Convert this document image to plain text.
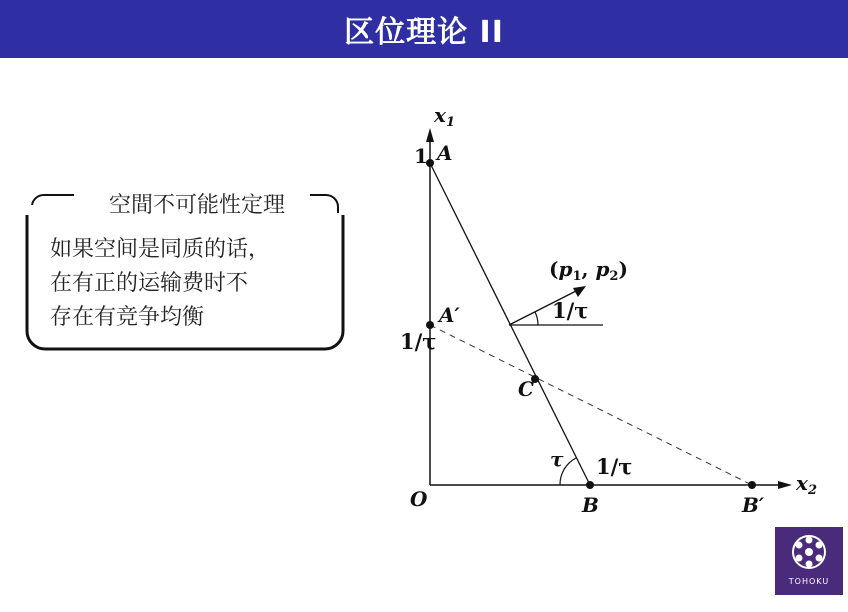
区位理论 II
空間不可能性定理
如果空间是同质的话，
在有正的运输费时不
存在有竞争均衡
$x_1$
$x_2$
O
1 A
A′
1/τ
C
B
1/τ
B′
τ
($p_1$, $p_2$)
1/τ
TOHOKU
